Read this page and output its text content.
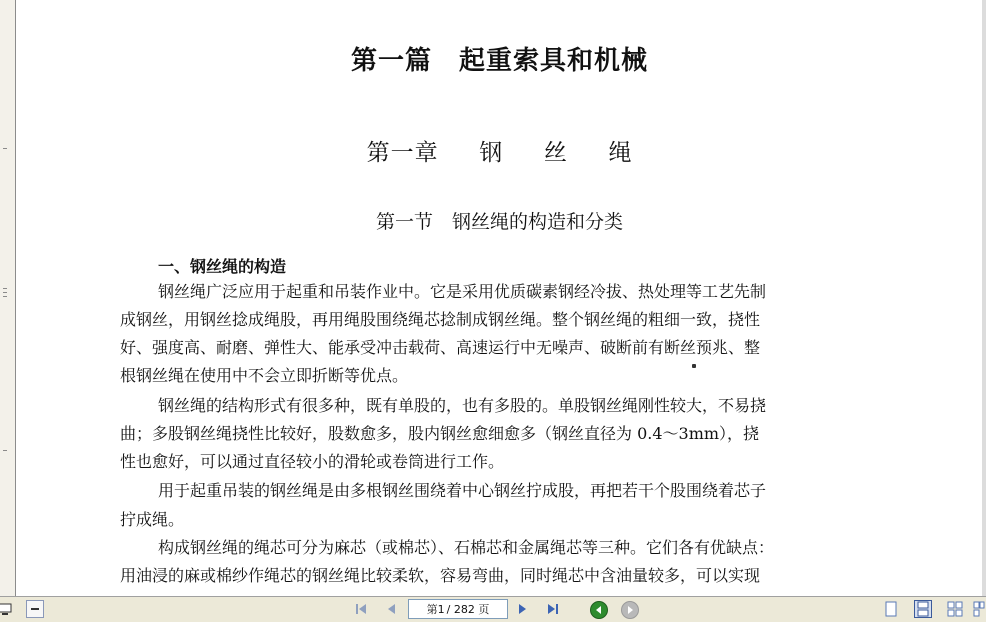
第一篇　起重索具和机械
第一章 钢 丝 绳
第一节　钢丝绳的构造和分类
一、钢丝绳的构造
钢丝绳广泛应用于起重和吊装作业中。它是采用优质碳素钢经冷拔、热处理等工艺先制
成钢丝，用钢丝捻成绳股，再用绳股围绕绳芯捻制成钢丝绳。整个钢丝绳的粗细一致，挠性
好、强度高、耐磨、弹性大、能承受冲击载荷、高速运行中无噪声、破断前有断丝预兆、整
根钢丝绳在使用中不会立即折断等优点。
钢丝绳的结构形式有很多种，既有单股的，也有多股的。单股钢丝绳刚性较大，不易挠
曲；多股钢丝绳挠性比较好，股数愈多，股内钢丝愈细愈多（钢丝直径为 0.4～3mm），挠
性也愈好，可以通过直径较小的滑轮或卷筒进行工作。
用于起重吊装的钢丝绳是由多根钢丝围绕着中心钢丝拧成股，再把若干个股围绕着芯子
拧成绳。
构成钢丝绳的绳芯可分为麻芯（或棉芯）、石棉芯和金属绳芯等三种。它们各有优缺点：
用油浸的麻或棉纱作绳芯的钢丝绳比较柔软，容易弯曲，同时绳芯中含油量较多，可以实现
第1 / 282 页
